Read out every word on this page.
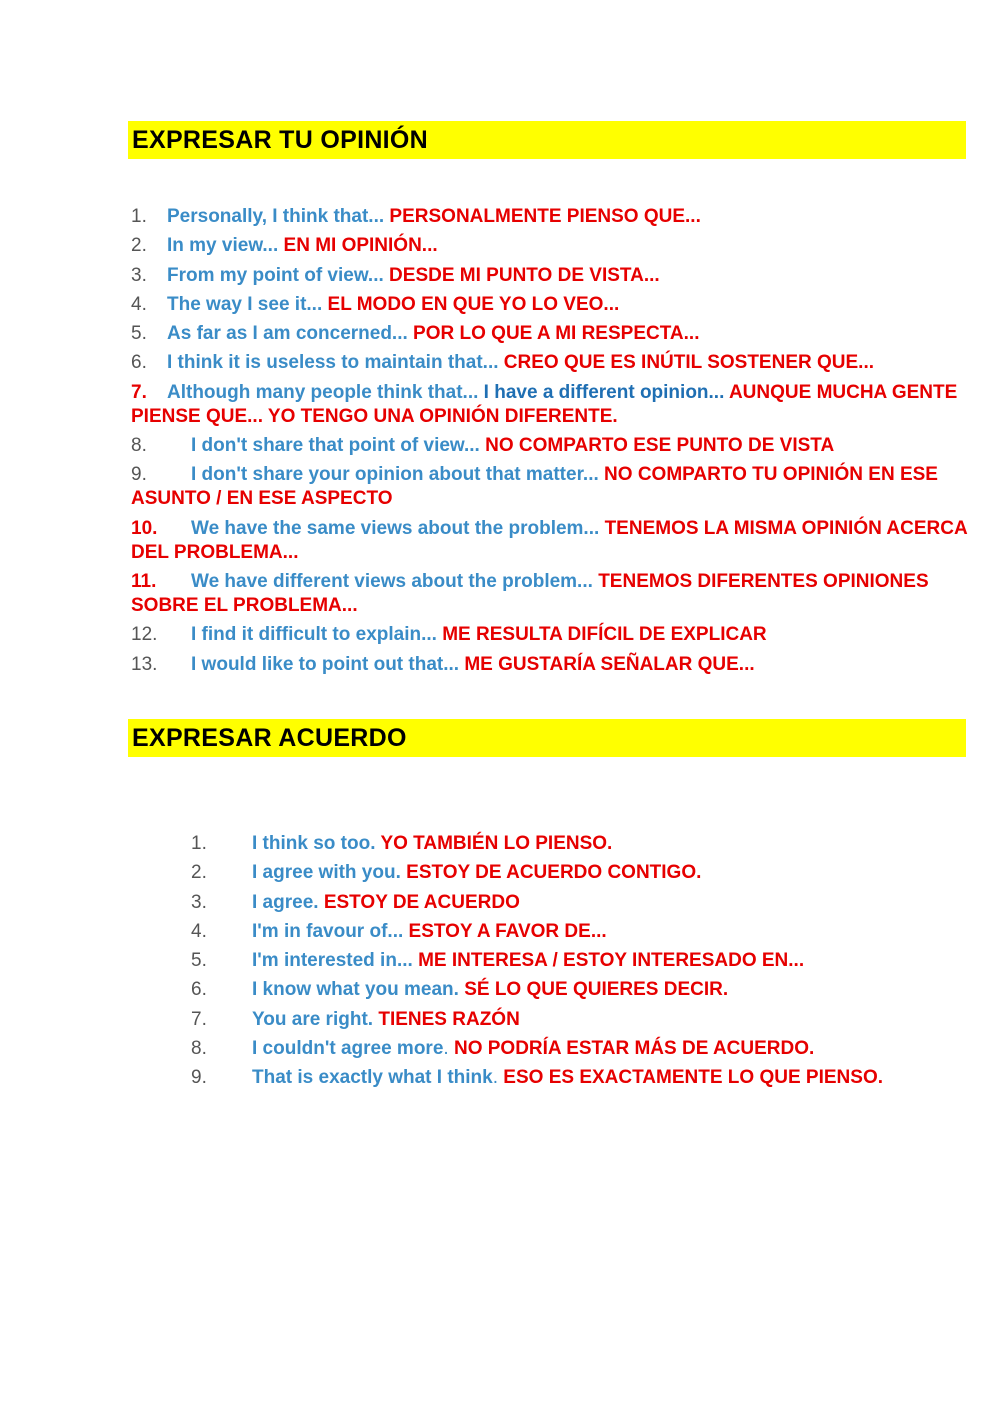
EXPRESAR TU OPINIÓN
1. Personally, I think that... PERSONALMENTE PIENSO QUE...
2. In my view... EN MI OPINIÓN...
3. From my point of view... DESDE MI PUNTO DE VISTA...
4. The way I see it... EL MODO EN QUE YO LO VEO...
5. As far as I am concerned... POR LO QUE A MI RESPECTA...
6. I think it is useless to maintain that... CREO QUE ES INÚTIL SOSTENER QUE...
7. Although many people think that... I have a different opinion... AUNQUE MUCHA GENTE PIENSE QUE... YO TENGO UNA OPINIÓN DIFERENTE.
8. I don't share that point of view... NO COMPARTO ESE PUNTO DE VISTA
9. I don't share your opinion about that matter... NO COMPARTO TU OPINIÓN EN ESE ASUNTO / EN ESE ASPECTO
10. We have the same views about the problem... TENEMOS LA MISMA OPINIÓN ACERCA DEL PROBLEMA...
11. We have different views about the problem... TENEMOS DIFERENTES OPINIONES SOBRE EL PROBLEMA...
12. I find it difficult to explain... ME RESULTA DIFÍCIL DE EXPLICAR
13. I would like to point out that... ME GUSTARÍA SEÑALAR QUE...
EXPRESAR ACUERDO
1. I think so too. YO TAMBIÉN LO PIENSO.
2. I agree with you. ESTOY DE ACUERDO CONTIGO.
3. I agree. ESTOY DE ACUERDO
4. I'm in favour of... ESTOY A FAVOR DE...
5. I'm interested in... ME INTERESA / ESTOY INTERESADO EN...
6. I know what you mean. SÉ LO QUE QUIERES DECIR.
7. You are right. TIENES RAZÓN
8. I couldn't agree more. NO PODRÍA ESTAR MÁS DE ACUERDO.
9. That is exactly what I think. ESO ES EXACTAMENTE LO QUE PIENSO.
